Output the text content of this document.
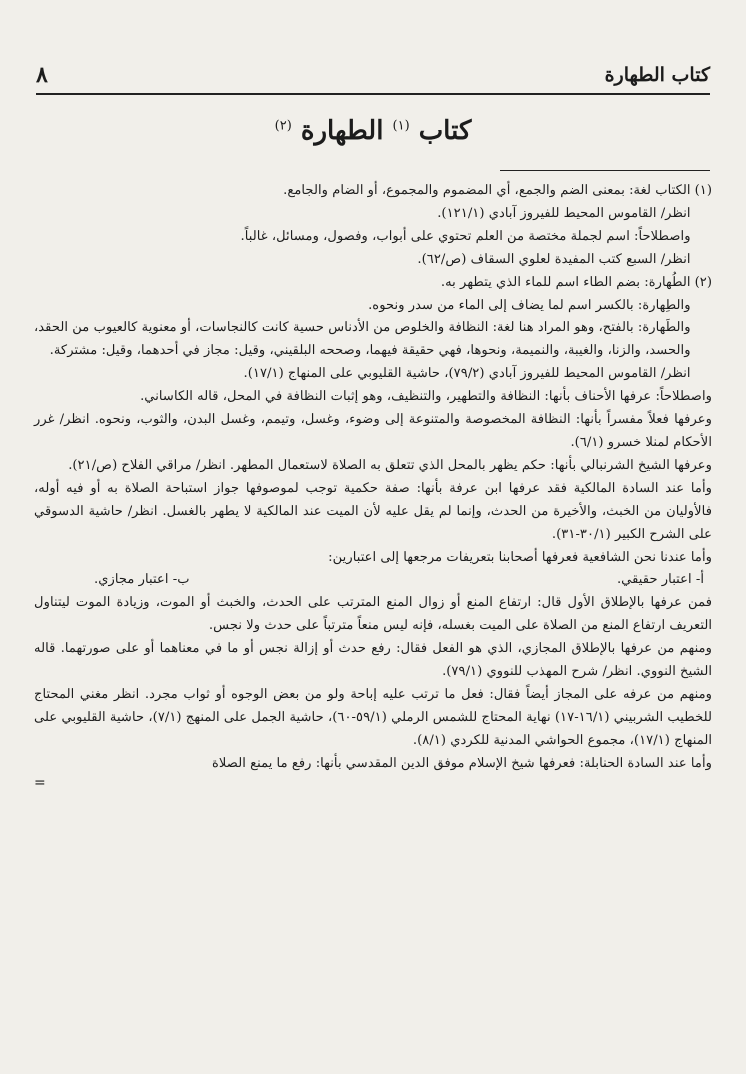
كتاب الطهارة
٨
كتاب $^{(١)}$ الطهارة $^{(٢)}$
(١)

الكتاب لغة: بمعنى الضم والجمع، أي المضموم والمجموع، أو الضام والجامع.

انظر/ القاموس المحيط للفيروز آبادي (١٢١/١).

واصطلاحاً: اسم لجملة مختصة من العلم تحتوي على أبواب، وفصول، ومسائل، غالباً.

انظر/ السبع كتب المفيدة لعلوي السقاف (ص/٦٢).

(٢)

الطُهارة: بضم الطاء اسم للماء الذي يتطهر به.

والطِهارة: بالكسر اسم لما يضاف إلى الماء من سدر ونحوه.

والطَهارة: بالفتح، وهو المراد هنا لغة: النظافة والخلوص من الأدناس حسية كانت كالنجاسات، أو معنوية كالعيوب من الحقد، والحسد، والزنا، والغيبة، والنميمة، ونحوها، فهي حقيقة فيهما، وصححه البلقيني، وقيل: مجاز في أحدهما، وقيل: مشتركة.

انظر/ القاموس المحيط للفيروز آبادي (٧٩/٢)، حاشية القليوبي على المنهاج (١٧/١).

واصطلاحاً: عرفها الأحناف بأنها: النظافة والتطهير، والتنظيف، وهو إثبات النظافة في المحل، قاله الكاساني.

وعرفها فعلاً مفسراً بأنها: النظافة المخصوصة والمتنوعة إلى وضوء، وغسل، وتيمم، وغسل البدن، والثوب، ونحوه. انظر/ غرر الأحكام لمنلا خسرو (٦/١).

وعرفها الشيخ الشرنبالي بأنها: حكم يظهر بالمحل الذي تتعلق به الصلاة لاستعمال المطهر. انظر/ مراقي الفلاح (ص/٢١).

وأما عند السادة المالكية فقد عرفها ابن عرفة بأنها: صفة حكمية توجب لموصوفها جواز استباحة الصلاة به أو فيه أوله، فالأوليان من الخبث، والأخيرة من الحدث، وإنما لم يقل عليه لأن الميت عند المالكية لا يطهر بالغسل. انظر/ حاشية الدسوقي على الشرح الكبير (٣٠/١-٣١).

وأما عندنا نحن الشافعية فعرفها أصحابنا بتعريفات مرجعها إلى اعتبارين:

أ- اعتبار حقيقي.
ب- اعتبار مجازي.

فمن عرفها بالإطلاق الأول قال: ارتفاع المنع أو زوال المنع المترتب على الحدث، والخبث أو الموت، وزيادة الموت ليتناول التعريف ارتفاع المنع من الصلاة على الميت بغسله، فإنه ليس منعاً مترتباً على حدث ولا نجس.

ومنهم من عرفها بالإطلاق المجازي، الذي هو الفعل فقال: رفع حدث أو إزالة نجس أو ما في معناهما أو على صورتهما. قاله الشيخ النووي. انظر/ شرح المهذب للنووي (٧٩/١).

ومنهم من عرفه على المجاز أيضاً فقال: فعل ما ترتب عليه إباحة ولو من بعض الوجوه أو ثواب مجرد. انظر مغني المحتاج للخطيب الشربيني (١٦/١-١٧) نهاية المحتاج للشمس الرملي (٥٩/١-٦٠)، حاشية الجمل على المنهج (٧/١)، حاشية القليوبي على المنهاج (١٧/١)، مجموع الحواشي المدنية للكردي (٨/١).

وأما عند السادة الحنابلة: فعرفها شيخ الإسلام موفق الدين المقدسي بأنها: رفع ما يمنع الصلاة

=
